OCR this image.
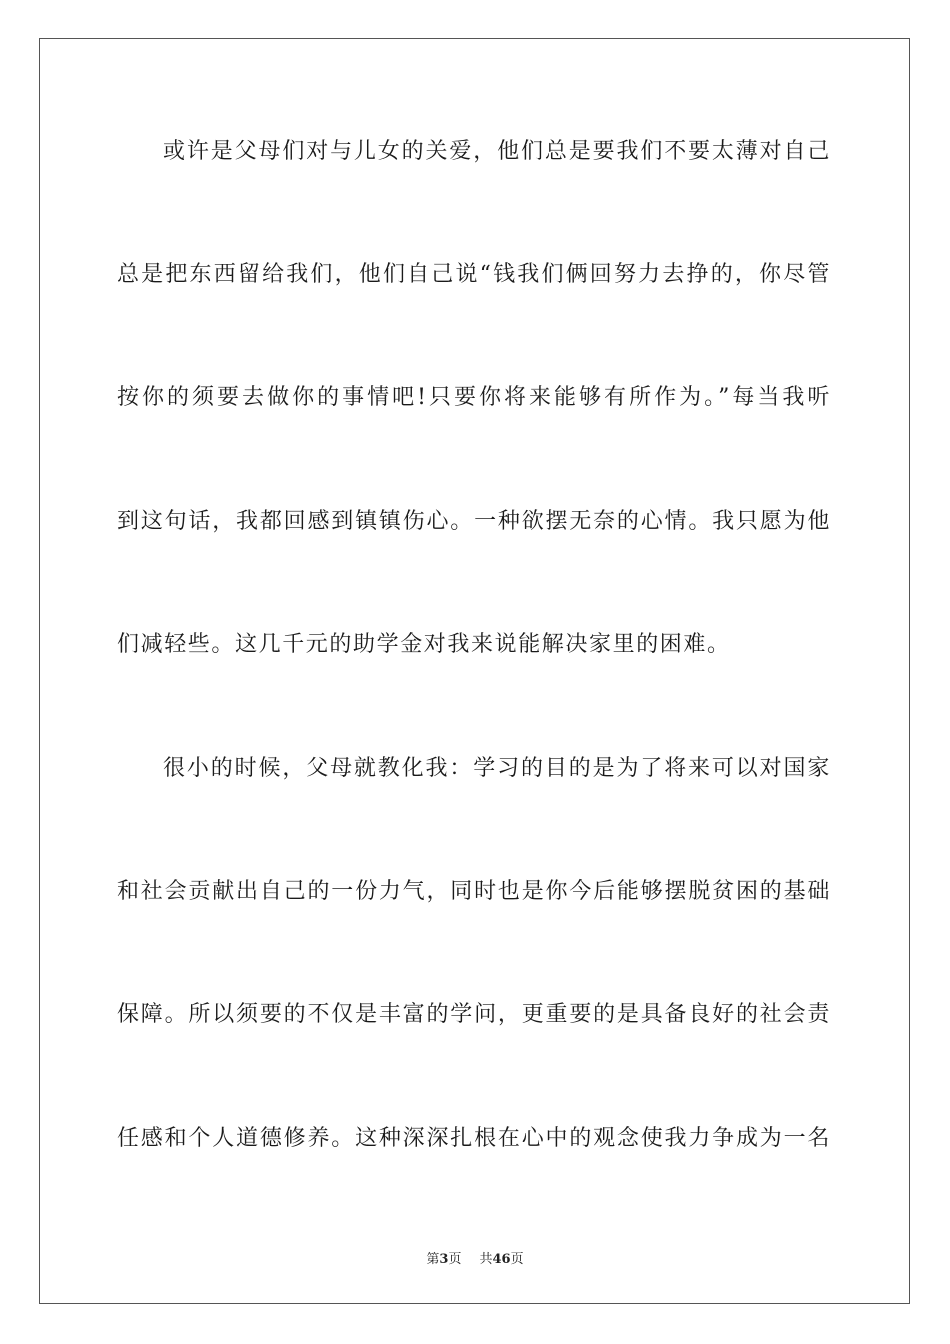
或许是父母们对与儿女的关爱，他们总是要我们不要太薄对自己
总是把东西留给我们，他们自己说“钱我们俩回努力去挣的，你尽管
按你的须要去做你的事情吧!只要你将来能够有所作为。”每当我听
到这句话，我都回感到镇镇伤心。一种欲摆无奈的心情。我只愿为他
们减轻些。这几千元的助学金对我来说能解决家里的困难。
很小的时候，父母就教化我：学习的目的是为了将来可以对国家
和社会贡献出自己的一份力气，同时也是你今后能够摆脱贫困的基础
保障。所以须要的不仅是丰富的学问，更重要的是具备良好的社会责
任感和个人道德修养。这种深深扎根在心中的观念使我力争成为一名
第3页 共46页
